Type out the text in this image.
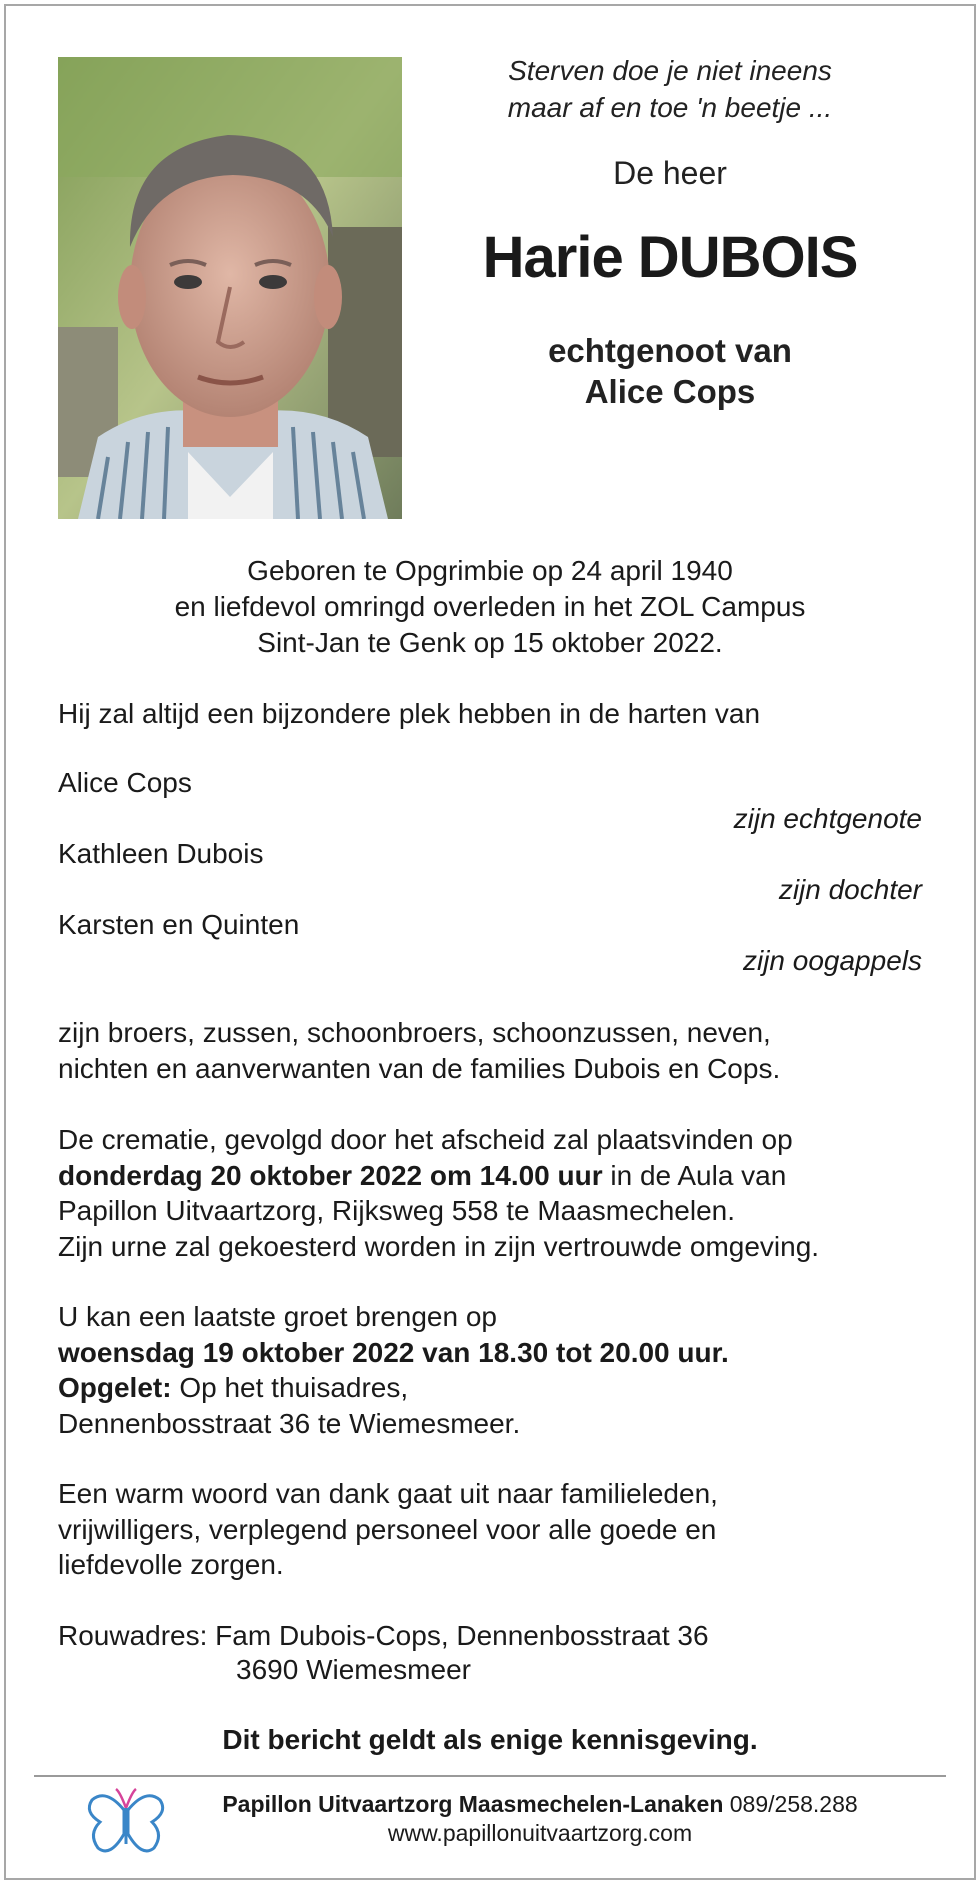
Sterven doe je niet ineens
maar af en toe 'n beetje ...
De heer
Harie DUBOIS
echtgenoot van
Alice Cops
Geboren te Opgrimbie op 24 april 1940
en liefdevol omringd overleden in het ZOL Campus
Sint-Jan te Genk op 15 oktober 2022.
Hij zal altijd een bijzondere plek hebben in de harten van
Alice Cops
zijn echtgenote
Kathleen Dubois
zijn dochter
Karsten en Quinten
zijn oogappels
zijn broers, zussen, schoonbroers, schoonzussen, neven,
nichten en aanverwanten van de families Dubois en Cops.
De crematie, gevolgd door het afscheid zal plaatsvinden op
donderdag 20 oktober 2022 om 14.00 uur in de Aula van
Papillon Uitvaartzorg, Rijksweg 558 te Maasmechelen.
Zijn urne zal gekoesterd worden in zijn vertrouwde omgeving.
U kan een laatste groet brengen op
woensdag 19 oktober 2022 van 18.30 tot 20.00 uur.
Opgelet: Op het thuisadres,
Dennenbosstraat 36 te Wiemesmeer.
Een warm woord van dank gaat uit naar familieleden,
vrijwilligers, verplegend personeel voor alle goede en
liefdevolle zorgen.
Rouwadres: Fam Dubois-Cops, Dennenbosstraat 36
3690 Wiemesmeer
Dit bericht geldt als enige kennisgeving.
Papillon Uitvaartzorg Maasmechelen-Lanaken 089/258.288
www.papillonuitvaartzorg.com
